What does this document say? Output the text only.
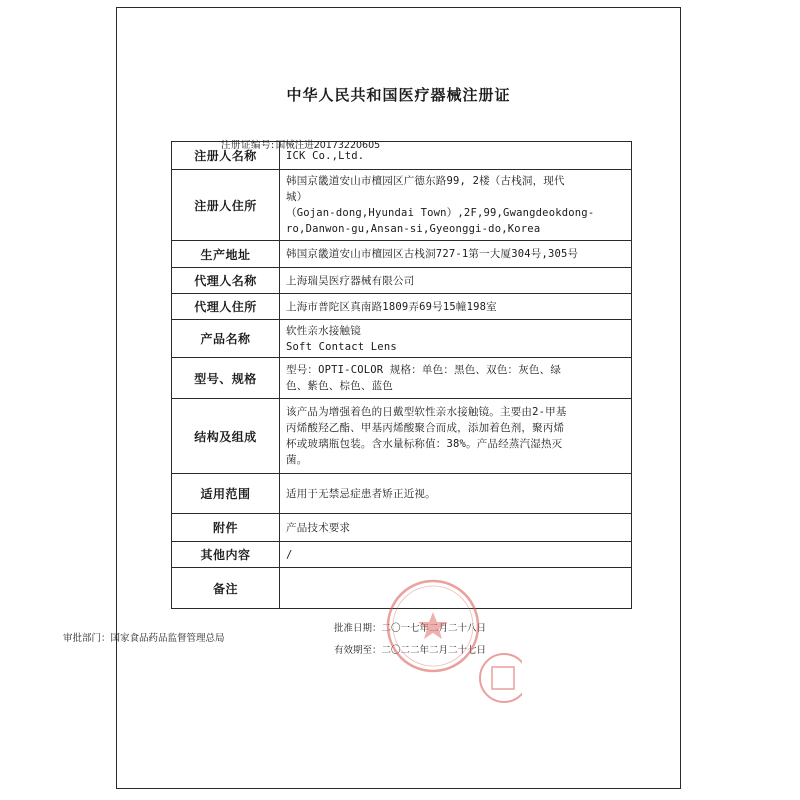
中华人民共和国医疗器械注册证
注册证编号:国械注进20173220605
注册人名称	ICK Co.,Ltd.

注册人住所	韩国京畿道安山市檀园区广德东路99, 2楼（古栈洞，现代
城）
（Gojan-dong,Hyundai Town）,2F,99,Gwangdeokdong-
ro,Danwon-gu,Ansan-si,Gyeonggi-do,Korea

生产地址	韩国京畿道安山市檀园区古栈洞727-1第一大厦304号,305号

代理人名称	上海瑞昊医疗器械有限公司

代理人住所	上海市普陀区真南路1809弄69号15幢198室

产品名称	软性亲水接触镜
Soft Contact Lens

型号、规格	型号：OPTI-COLOR 规格：单色：黑色、双色：灰色、绿
色、紫色、棕色、蓝色

结构及组成	该产品为增强着色的日戴型软性亲水接触镜。主要由2-甲基
丙烯酸羟乙酯、甲基丙烯酸聚合而成，添加着色剂，聚丙烯
杯或玻璃瓶包装。含水量标称值：38%。产品经蒸汽湿热灭
菌。

适用范围	适用于无禁忌症患者矫正近视。

附件	产品技术要求

其他内容	/

备注	
审批部门：国家食品药品监督管理总局
批准日期：二〇一七年二月二十八日
有效期至：二〇二二年二月二十七日
